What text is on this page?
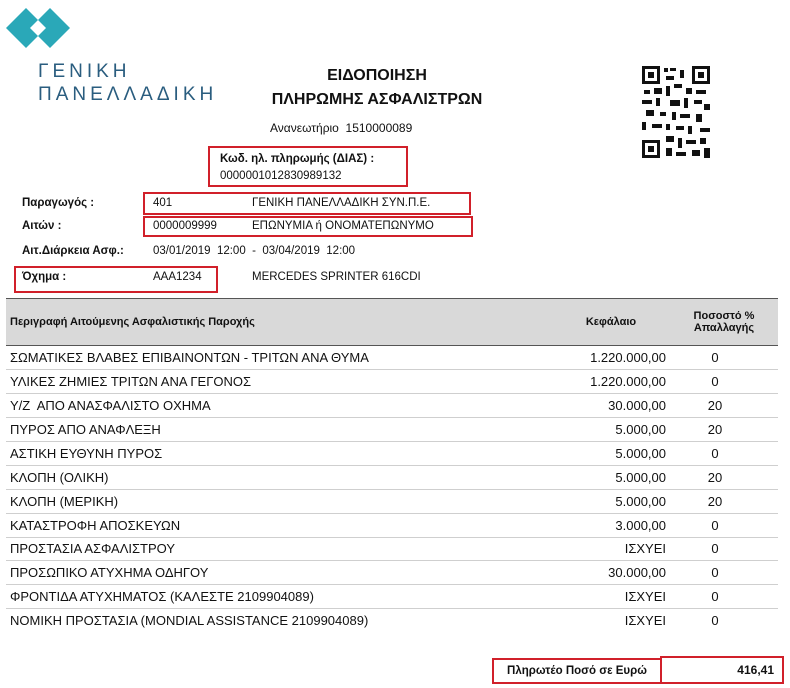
ΓΕΝΙΚΗ
ΠΑΝΕΛΛΑΔΙΚΗ
ΕΙΔΟΠΟΙΗΣΗ
ΠΛΗΡΩΜΗΣ ΑΣΦΑΛΙΣΤΡΩΝ
Ανανεωτήριο 1510000089
Κωδ. ηλ. πληρωμής (ΔΙΑΣ) :
0000001012830989132
Παραγωγός :	401	ΓΕΝΙΚΗ ΠΑΝΕΛΛΑΔΙΚΗ ΣΥΝ.Π.Ε.
Αιτών :	0000009999	ΕΠΩΝΥΜΙΑ ή ΟΝΟΜΑΤΕΠΩΝΥΜΟ
Αιτ.Διάρκεια Ασφ.:	03/01/2019  12:00  -  03/04/2019  12:00
Όχημα :	ΑΑΑ1234	MERCEDES SPRINTER 616CDI
Περιγραφή Αιτούμενης Ασφαλιστικής Παροχής	Κεφάλαιο	Ποσοστό %
Απαλλαγής

ΣΩΜΑΤΙΚΕΣ ΒΛΑΒΕΣ ΕΠΙΒΑΙΝΟΝΤΩΝ - ΤΡΙΤΩΝ ΑΝΑ ΘΥΜΑ	1.220.000,00	0
ΥΛΙΚΕΣ ΖΗΜΙΕΣ ΤΡΙΤΩΝ ΑΝΑ ΓΕΓΟΝΟΣ	1.220.000,00	0
Υ/Ζ  ΑΠΟ ΑΝΑΣΦΑΛΙΣΤΟ ΟΧΗΜΑ	30.000,00	20
ΠΥΡΟΣ ΑΠΟ ΑΝΑΦΛΕΞΗ	5.000,00	20
ΑΣΤΙΚΗ ΕΥΘΥΝΗ ΠΥΡΟΣ	5.000,00	0
ΚΛΟΠΗ (ΟΛΙΚΗ)	5.000,00	20
ΚΛΟΠΗ (ΜΕΡΙΚΗ)	5.000,00	20
ΚΑΤΑΣΤΡΟΦΗ ΑΠΟΣΚΕΥΩΝ	3.000,00	0
ΠΡΟΣΤΑΣΙΑ ΑΣΦΑΛΙΣΤΡΟΥ	ΙΣΧΥΕΙ	0
ΠΡΟΣΩΠΙΚΟ ΑΤΥΧΗΜΑ ΟΔΗΓΟΥ	30.000,00	0
ΦΡΟΝΤΙΔΑ ΑΤΥΧΗΜΑΤΟΣ (ΚΑΛΕΣΤΕ 2109904089)	ΙΣΧΥΕΙ	0
ΝΟΜΙΚΗ ΠΡΟΣΤΑΣΙΑ (MONDIAL ASSISTANCE 2109904089)	ΙΣΧΥΕΙ	0
Πληρωτέο Ποσό σε Ευρώ	416,41
